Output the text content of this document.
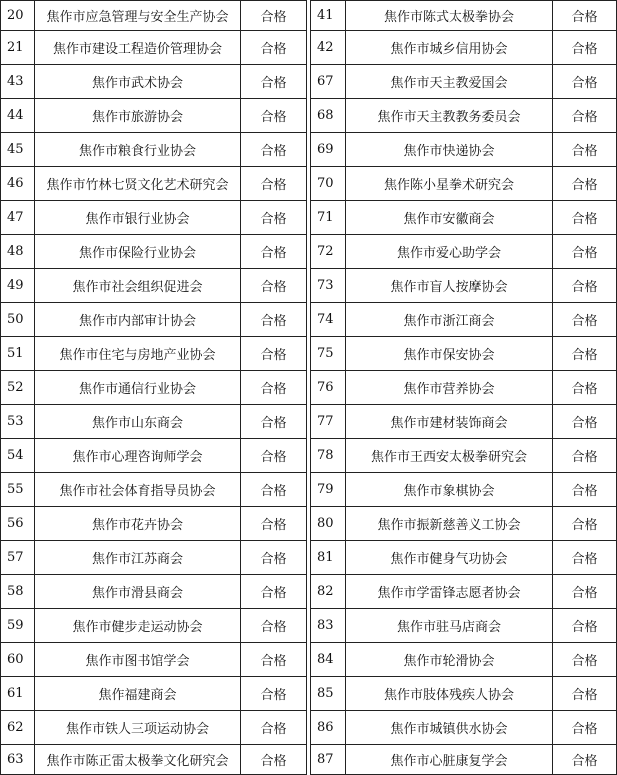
20	焦作市应急管理与安全生产协会	合格		41	焦作市陈式太极拳协会	合格
21	焦作市建设工程造价管理协会	合格		42	焦作市城乡信用协会	合格
43	焦作市武术协会	合格		67	焦作市天主教爱国会	合格
44	焦作市旅游协会	合格		68	焦作市天主教教务委员会	合格
45	焦作市粮食行业协会	合格		69	焦作市快递协会	合格
46	焦作市竹林七贤文化艺术研究会	合格		70	焦作陈小星拳术研究会	合格
47	焦作市银行业协会	合格		71	焦作市安徽商会	合格
48	焦作市保险行业协会	合格		72	焦作市爱心助学会	合格
49	焦作市社会组织促进会	合格		73	焦作市盲人按摩协会	合格
50	焦作市内部审计协会	合格		74	焦作市浙江商会	合格
51	焦作市住宅与房地产业协会	合格		75	焦作市保安协会	合格
52	焦作市通信行业协会	合格		76	焦作市营养协会	合格
53	焦作市山东商会	合格		77	焦作市建材装饰商会	合格
54	焦作市心理咨询师学会	合格		78	焦作市王西安太极拳研究会	合格
55	焦作市社会体育指导员协会	合格		79	焦作市象棋协会	合格
56	焦作市花卉协会	合格		80	焦作市振新慈善义工协会	合格
57	焦作市江苏商会	合格		81	焦作市健身气功协会	合格
58	焦作市滑县商会	合格		82	焦作市学雷锋志愿者协会	合格
59	焦作市健步走运动协会	合格		83	焦作市驻马店商会	合格
60	焦作市图书馆学会	合格		84	焦作市轮滑协会	合格
61	焦作福建商会	合格		85	焦作市肢体残疾人协会	合格
62	焦作市铁人三项运动协会	合格		86	焦作市城镇供水协会	合格
63	焦作市陈正雷太极拳文化研究会	合格		87	焦作市心脏康复学会	合格
